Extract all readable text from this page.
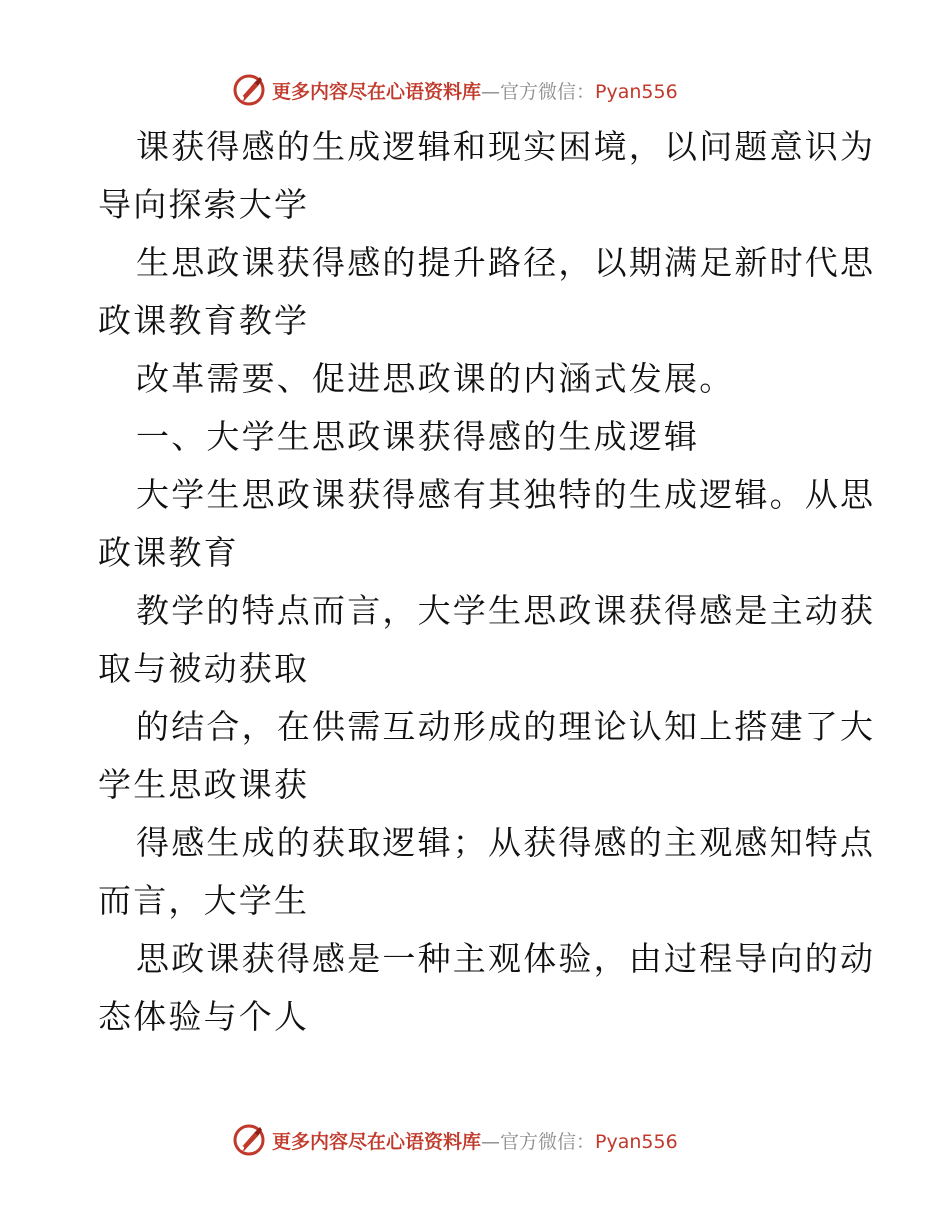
更多内容尽在心语资料库—官方微信：Pyan556
课获得感的生成逻辑和现实困境，以问题意识为
导向探索大学
生思政课获得感的提升路径，以期满足新时代思
政课教育教学
改革需要、促进思政课的内涵式发展。
一、大学生思政课获得感的生成逻辑
大学生思政课获得感有其独特的生成逻辑。从思
政课教育
教学的特点而言，大学生思政课获得感是主动获
取与被动获取
的结合，在供需互动形成的理论认知上搭建了大
学生思政课获
得感生成的获取逻辑；从获得感的主观感知特点
而言，大学生
思政课获得感是一种主观体验，由过程导向的动
态体验与个人
更多内容尽在心语资料库—官方微信：Pyan556
